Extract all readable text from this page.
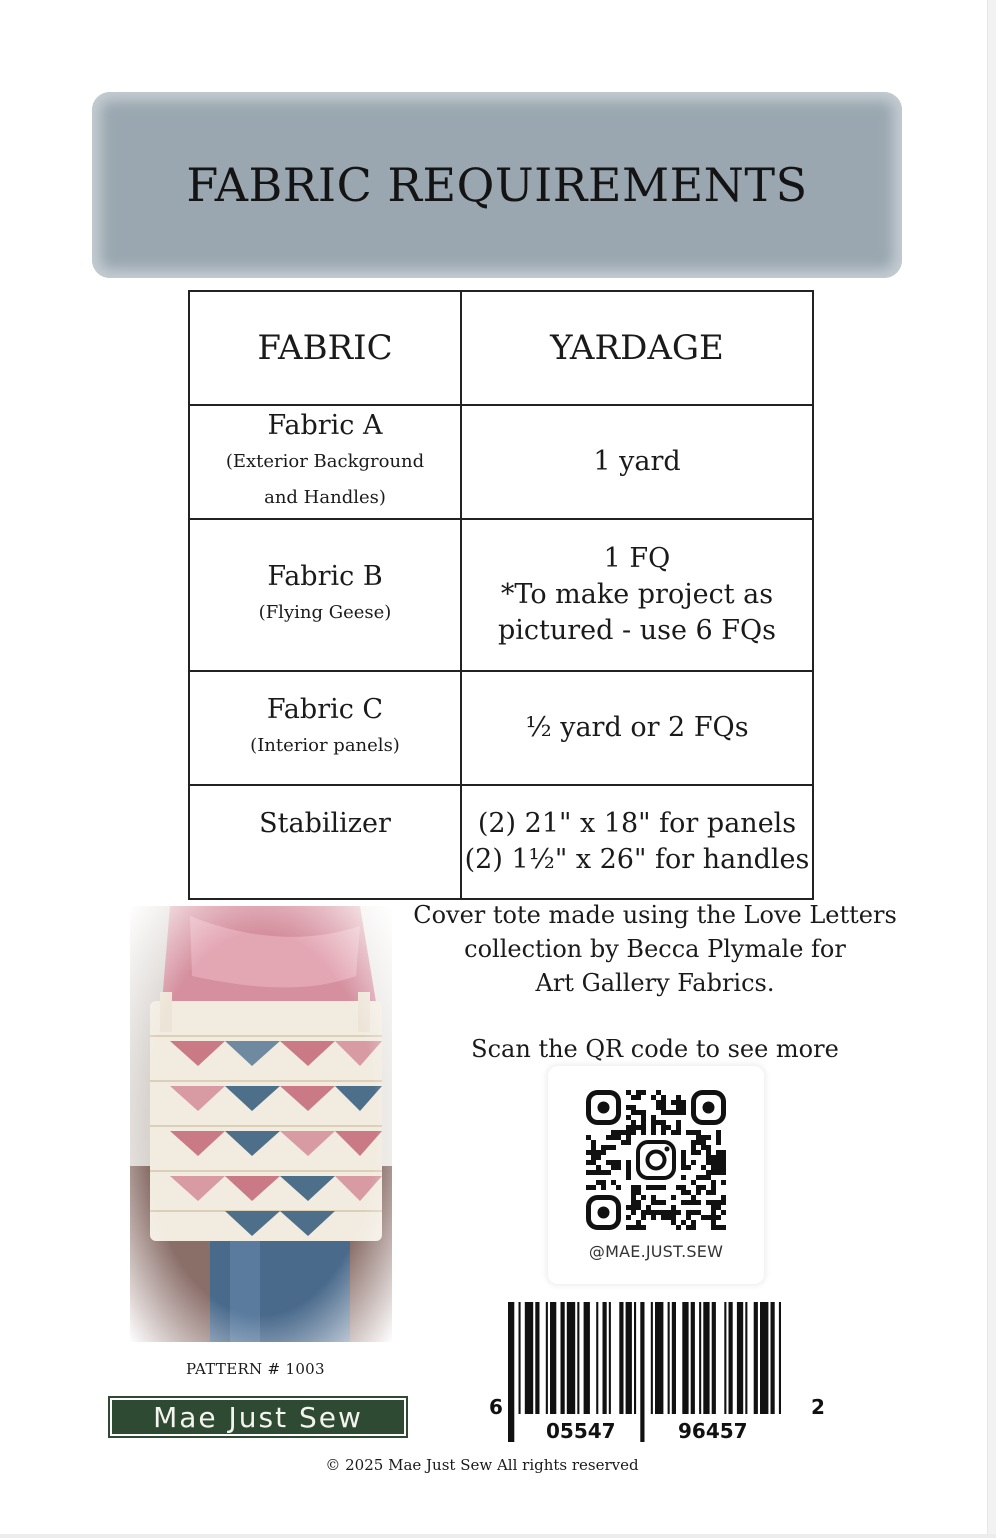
FABRIC REQUIREMENTS
FABRIC	YARDAGE

Fabric A
(Exterior Background
and Handles)	1 yard

Fabric B
(Flying Geese)	1 FQ
*To make project as
pictured - use 6 FQs

Fabric C
(Interior panels)	½ yard or 2 FQs

Stabilizer	(2) 21" x 18" for panels
(2) 1½" x 26" for handles

Cover tote made using the Love Letters

collection by Becca Plymale for

Art Gallery Fabrics.

Scan the QR code to see more
@MAE.JUST.SEW
6
05547	96457
2
PATTERN # 1003
Mae Just Sew
© 2025 Mae Just Sew All rights reserved
